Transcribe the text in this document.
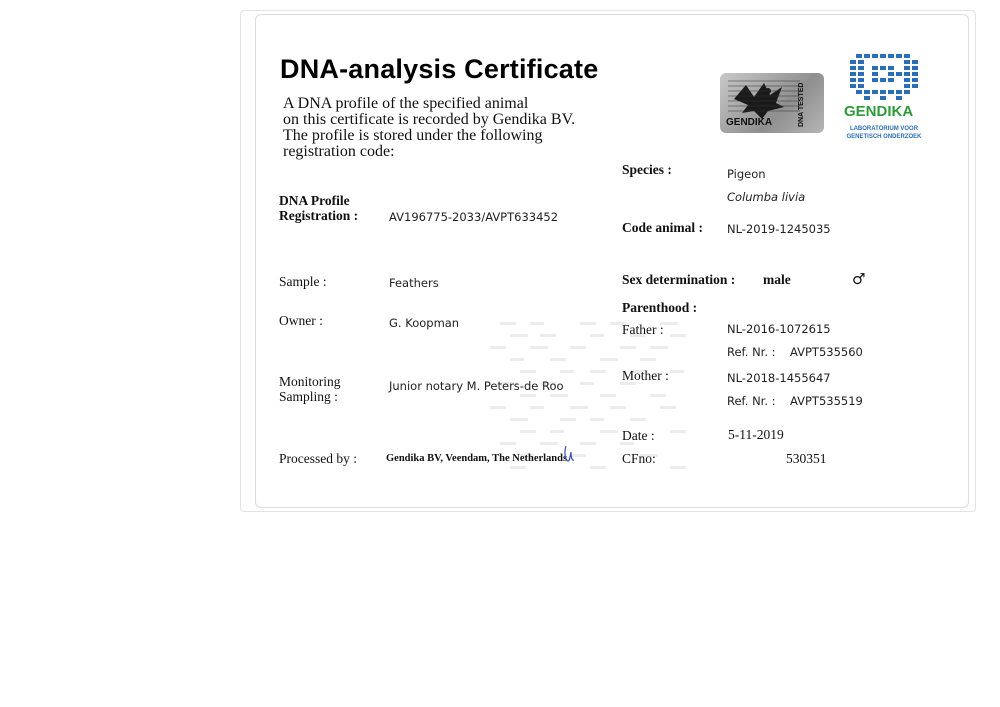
DNA-analysis Certificate
A DNA profile of the specified animal
on this certificate is recorded by Gendika BV.
The profile is stored under the following
registration code:
GENDIKA	DNA TESTED	GENDIKA
LABORATORIUM VOOR
GENETISCH ONDERZOEK
DNA Profile
Registration :	AV196775-2033/AVPT633452
Sample :	Feathers
Owner :	G. Koopman
Monitoring
Sampling :
Junior notary M. Peters-de Roo
Processed by :	Gendika BV, Veendam, The Netherlands
Species :	Pigeon
Columba livia
Code animal : NL-2019-1245035
Sex determination : male	♂
Parenthood :
Father :	NL-2016-1072615
Ref. Nr. : AVPT535560
Mother :	NL-2018-1455647
Ref. Nr. : AVPT535519
Date :	5-11-2019
CFno:	530351
